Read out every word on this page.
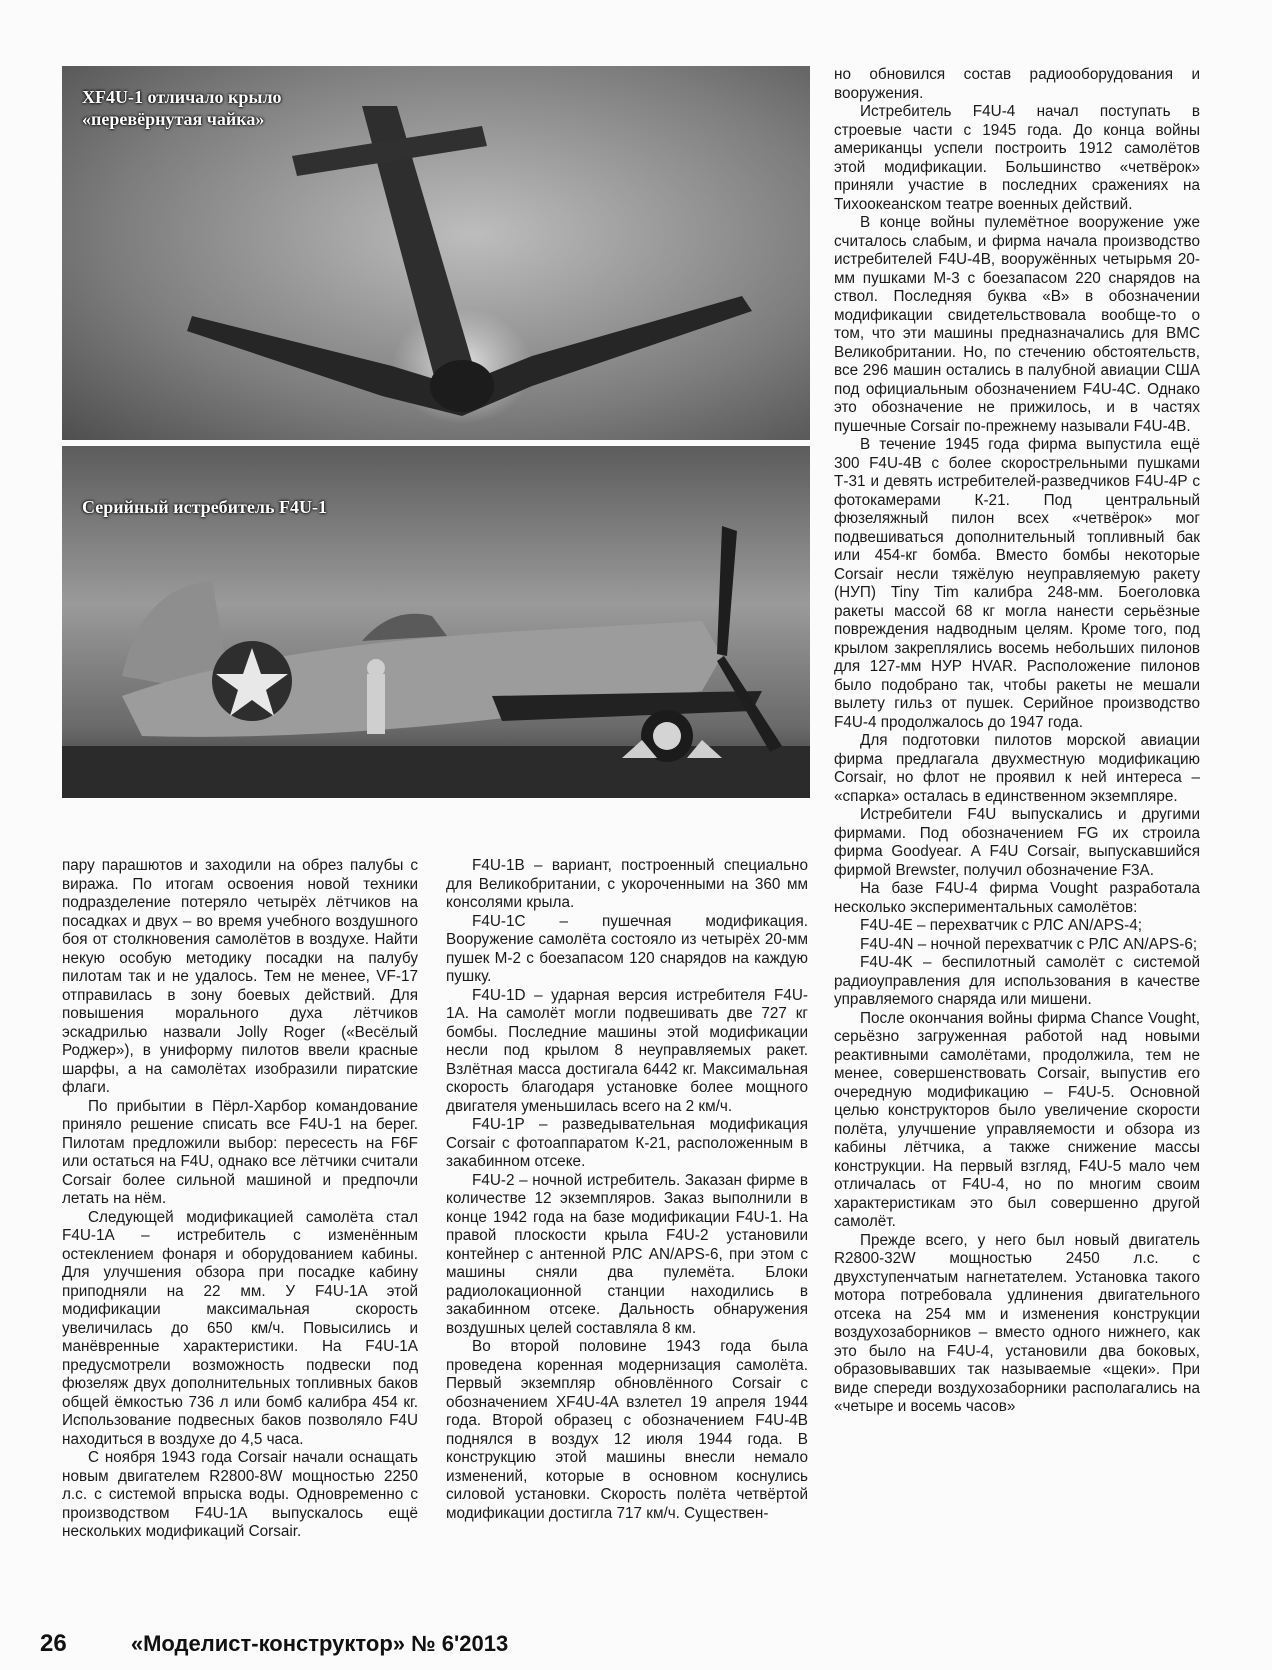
XF4U-1 отличало крыло «перевёрнутая чайка»
Серийный истребитель F4U-1

пару парашютов и заходили на обрез палубы с виража. По итогам освоения новой техники подразделение потеряло четырёх лётчиков на посадках и двух – во время учебного воздушного боя от столкновения самолётов в воздухе. Найти некую особую методику посадки на палубу пилотам так и не удалось. Тем не менее, VF-17 отправилась в зону боевых действий. Для повышения морального духа лётчиков эскадрилью назвали Jolly Roger («Весёлый Роджер»), в униформу пилотов ввели красные шарфы, а на самолётах изобразили пиратские флаги.

По прибытии в Пёрл-Харбор командование приняло решение списать все F4U-1 на берег. Пилотам предложили выбор: пересесть на F6F или остаться на F4U, однако все лётчики считали Corsair более сильной машиной и предпочли летать на нём.

Следующей модификацией самолёта стал F4U-1A – истребитель с изменённым остеклением фонаря и оборудованием кабины. Для улучшения обзора при посадке кабину приподняли на 22 мм. У F4U-1A этой модификации максимальная скорость увеличилась до 650 км/ч. Повысились и манёвренные характеристики. На F4U-1A предусмотрели возможность подвески под фюзеляж двух дополнительных топливных баков общей ёмкостью 736 л или бомб калибра 454 кг. Использование подвесных баков позволяло F4U находиться в воздухе до 4,5 часа.

С ноября 1943 года Corsair начали оснащать новым двигателем R2800-8W мощностью 2250 л.с. с системой впрыска воды. Одновременно с производством F4U-1A выпускалось ещё нескольких модификаций Corsair.

F4U-1B – вариант, построенный специально для Великобритании, с укороченными на 360 мм консолями крыла.

F4U-1C – пушечная модификация. Вооружение самолёта состояло из четырёх 20-мм пушек М-2 с боезапасом 120 снарядов на каждую пушку.

F4U-1D – ударная версия истребителя F4U-1A. На самолёт могли подвешивать две 727 кг бомбы. Последние машины этой модификации несли под крылом 8 неуправляемых ракет. Взлётная масса достигала 6442 кг. Максимальная скорость благодаря установке более мощного двигателя уменьшилась всего на 2 км/ч.

F4U-1P – разведывательная модификация Corsair с фотоаппаратом К-21, расположенным в закабинном отсеке.

F4U-2 – ночной истребитель. Заказан фирме в количестве 12 экземпляров. Заказ выполнили в конце 1942 года на базе модификации F4U-1. На правой плоскости крыла F4U-2 установили контейнер с антенной РЛС AN/APS-6, при этом с машины сняли два пулемёта. Блоки радиолокационной станции находились в закабинном отсеке. Дальность обнаружения воздушных целей составляла 8 км.

Во второй половине 1943 года была проведена коренная модернизация самолёта. Первый экземпляр обновлённого Corsair с обозначением XF4U-4A взлетел 19 апреля 1944 года. Второй образец с обозначением F4U-4B поднялся в воздух 12 июля 1944 года. В конструкцию этой машины внесли немало изменений, которые в основном коснулись силовой установки. Скорость полёта четвёртой модификации достигла 717 км/ч. Существен-

но обновился состав радиооборудования и вооружения.

Истребитель F4U-4 начал поступать в строевые части с 1945 года. До конца войны американцы успели построить 1912 самолётов этой модификации. Большинство «четвёрок» приняли участие в последних сражениях на Тихоокеанском театре военных действий.

В конце войны пулемётное вооружение уже считалось слабым, и фирма начала производство истребителей F4U-4B, вооружённых четырьмя 20-мм пушками М-3 с боезапасом 220 снарядов на ствол. Последняя буква «В» в обозначении модификации свидетельствовала вообще-то о том, что эти машины предназначались для ВМС Великобритании. Но, по стечению обстоятельств, все 296 машин остались в палубной авиации США под официальным обозначением F4U-4C. Однако это обозначение не прижилось, и в частях пушечные Corsair по-прежнему называли F4U-4B.

В течение 1945 года фирма выпустила ещё 300 F4U-4B с более скорострельными пушками Т-31 и девять истребителей-разведчиков F4U-4P с фотокамерами К-21. Под центральный фюзеляжный пилон всех «четвёрок» мог подвешиваться дополнительный топливный бак или 454-кг бомба. Вместо бомбы некоторые Corsair несли тяжёлую неуправляемую ракету (НУП) Tiny Tim калибра 248-мм. Боеголовка ракеты массой 68 кг могла нанести серьёзные повреждения надводным целям. Кроме того, под крылом закреплялись восемь небольших пилонов для 127-мм НУР HVAR. Расположение пилонов было подобрано так, чтобы ракеты не мешали вылету гильз от пушек. Серийное производство F4U-4 продолжалось до 1947 года.

Для подготовки пилотов морской авиации фирма предлагала двухместную модификацию Corsair, но флот не проявил к ней интереса – «спарка» осталась в единственном экземпляре.

Истребители F4U выпускались и другими фирмами. Под обозначением FG их строила фирма Goodyear. А F4U Corsair, выпускавшийся фирмой Brewster, получил обозначение F3A.

На базе F4U-4 фирма Vought разработала несколько экспериментальных самолётов:

F4U-4E – перехватчик с РЛС AN/APS-4;

F4U-4N – ночной перехватчик с РЛС AN/APS-6;

F4U-4K – беспилотный самолёт с системой радиоуправления для использования в качестве управляемого снаряда или мишени.

После окончания войны фирма Chance Vought, серьёзно загруженная работой над новыми реактивными самолётами, продолжила, тем не менее, совершенствовать Corsair, выпустив его очередную модификацию – F4U-5. Основной целью конструкторов было увеличение скорости полёта, улучшение управляемости и обзора из кабины лётчика, а также снижение массы конструкции. На первый взгляд, F4U-5 мало чем отличалась от F4U-4, но по многим своим характеристикам это был совершенно другой самолёт.

Прежде всего, у него был новый двигатель R2800-32W мощностью 2450 л.с. с двухступенчатым нагнетателем. Установка такого мотора потребовала удлинения двигательного отсека на 254 мм и изменения конструкции воздухозаборников – вместо одного нижнего, как это было на F4U-4, установили два боковых, образовывавших так называемые «щеки». При виде спереди воздухозаборники располагались на «четыре и восемь часов»

26	«Моделист-конструктор» № 6'2013
